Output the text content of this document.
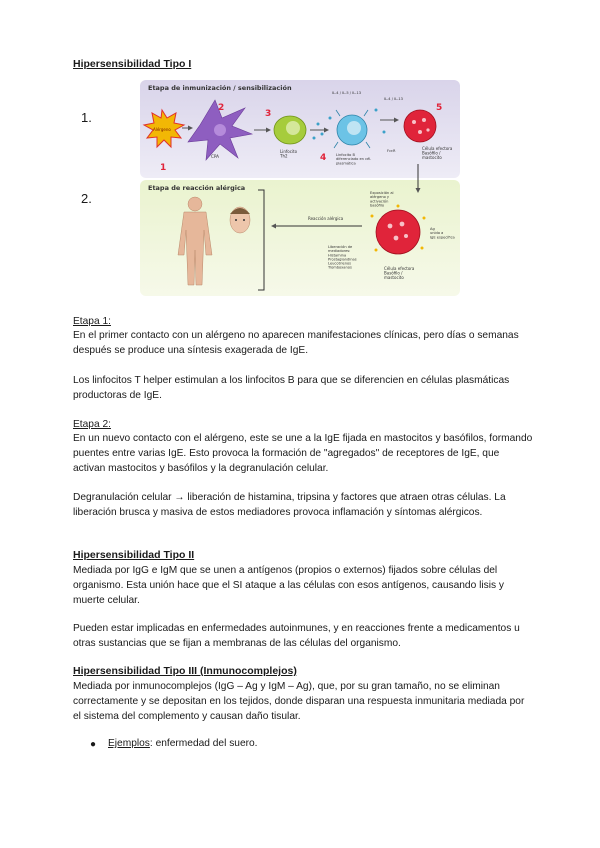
Hipersensibilidad Tipo I
1.
2.
Etapa de inmunización / sensibilización
Etapa de reacción alérgica
Alérgeno
CPA
Linfocito Th2
IL-4 / IL-5 / IL-13
Linfocito B diferenciado en cél. plasmática
IL-4 / IL-13
FcεR	Célula efectora Basófilo / mastocito
1
2
3
4
5
Reacción alérgica
Exposición al alérgeno y activación basófilo
Liberación de mediadores: Histamina Prostaglandinas Leucotrienos Tromboxanos
Ag unido a IgE específica
Célula efectora Basófilo / mastocito
Etapa 1:
En el primer contacto con un alérgeno no aparecen manifestaciones clínicas, pero días o semanas después se produce una síntesis exagerada de IgE.
Los linfocitos T helper estimulan a los linfocitos B para que se diferencien en células plasmáticas productoras de IgE.
Etapa 2:
En un nuevo contacto con el alérgeno, este se une a la IgE fijada en mastocitos y basófilos, formando puentes entre varias IgE. Esto provoca la formación de "agregados" de receptores de IgE, que activan mastocitos y basófilos y la degranulación celular.
Degranulación celular → liberación de histamina, tripsina y factores que atraen otras células. La liberación brusca y masiva de estos mediadores provoca inflamación y síntomas alérgicos.
Hipersensibilidad Tipo II
Mediada por IgG e IgM que se unen a antígenos (propios o externos) fijados sobre células del organismo. Esta unión hace que el SI ataque a las células con esos antígenos, causando lisis y muerte celular.
Pueden estar implicadas en enfermedades autoinmunes, y en reacciones frente a medicamentos u otras sustancias que se fijan a membranas de las células del organismo.
Hipersensibilidad Tipo III (Inmunocomplejos)
Mediada por inmunocomplejos (IgG – Ag y IgM – Ag), que, por su gran tamaño, no se eliminan correctamente y se depositan en los tejidos, donde disparan una respuesta inmunitaria mediada por el sistema del complemento y causan daño tisular.
● Ejemplos: enfermedad del suero.
